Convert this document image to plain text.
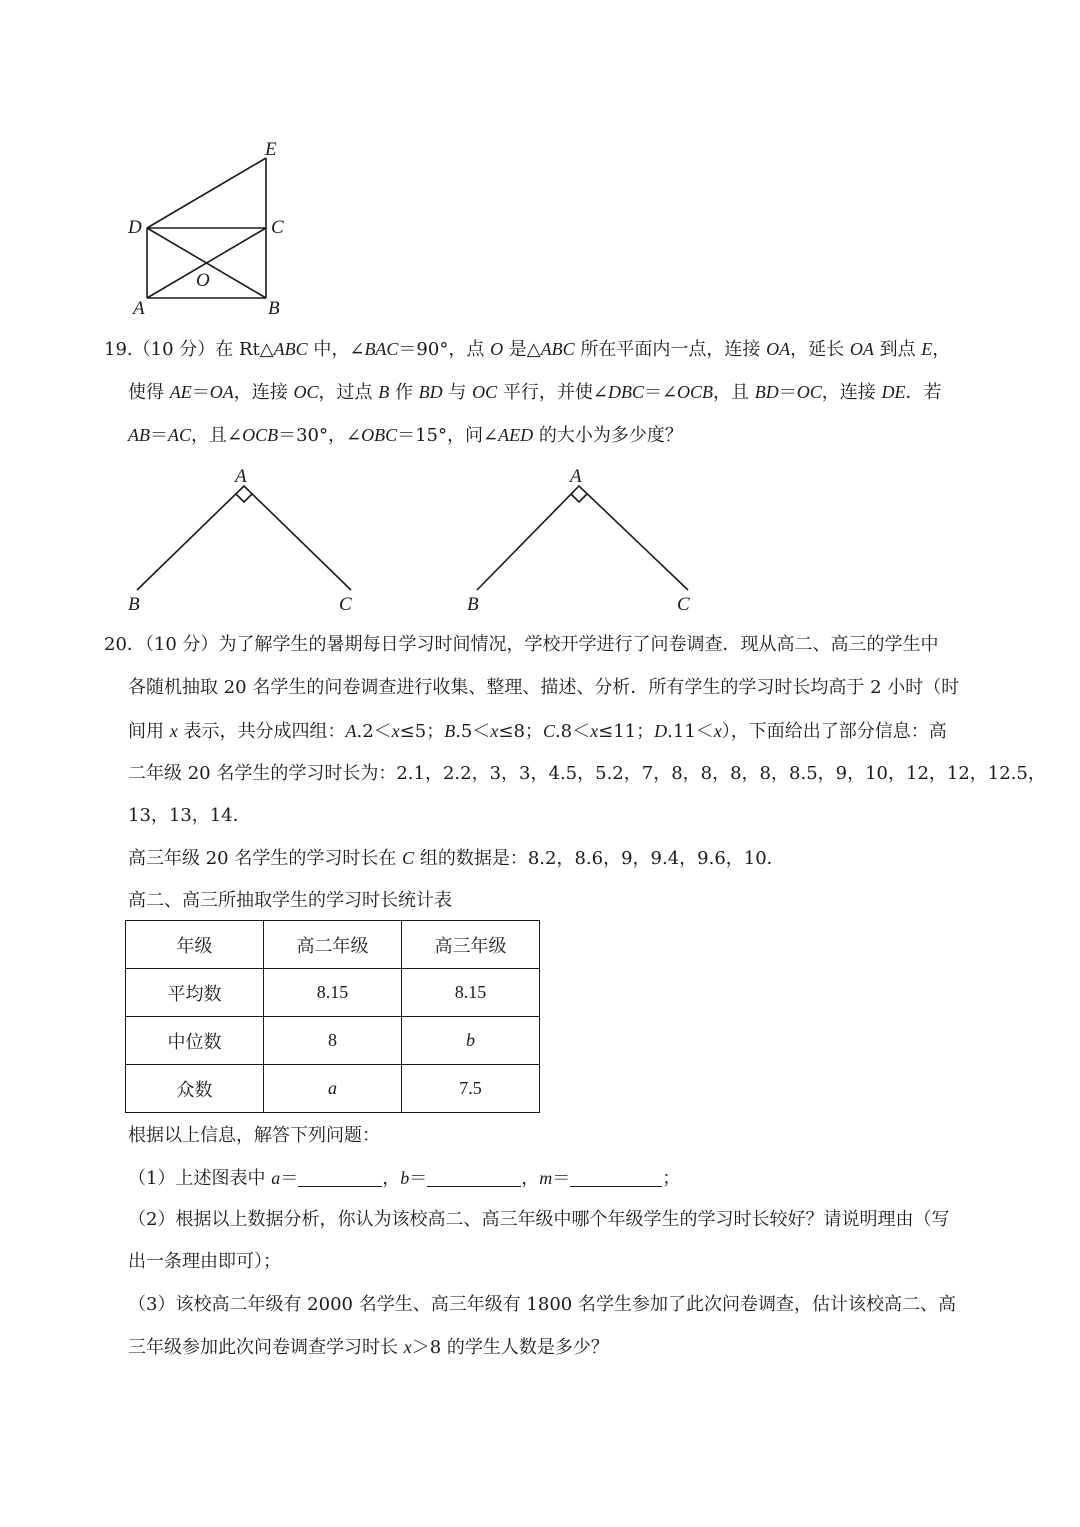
E
D	C
O
A	B
19.（10 分）在 Rt△ABC 中，∠BAC＝90°，点 O 是△ABC 所在平面内一点，连接 OA，延长 OA 到点 E，
使得 AE＝OA，连接 OC，过点 B 作 BD 与 OC 平行，并使∠DBC＝∠OCB，且 BD＝OC，连接 DE．若
AB＝AC，且∠OCB＝30°，∠OBC＝15°，问∠AED 的大小为多少度？
A
B	C
A
B	C
20．（10 分）为了解学生的暑期每日学习时间情况，学校开学进行了问卷调查．现从高二、高三的学生中
各随机抽取 20 名学生的问卷调查进行收集、整理、描述、分析．所有学生的学习时长均高于 2 小时（时
间用 x 表示，共分成四组：A.2＜x≤5；B.5＜x≤8；C.8＜x≤11；D.11＜x），下面给出了部分信息：高
二年级 20 名学生的学习时长为：2.1，2.2，3，3，4.5，5.2，7，8，8，8，8，8.5，9，10，12，12，12.5，
13，13，14．
高三年级 20 名学生的学习时长在 C 组的数据是：8.2，8.6，9，9.4，9.6，10．
高二、高三所抽取学生的学习时长统计表
年级	高二年级	高三年级
平均数	8.15	8.15
中位数	8	b
众数	a	7.5
根据以上信息，解答下列问题：
（1）上述图表中 a＝	，b＝	，m＝	；
（2）根据以上数据分析，你认为该校高二、高三年级中哪个年级学生的学习时长较好？请说明理由（写
出一条理由即可）；
（3）该校高二年级有 2000 名学生、高三年级有 1800 名学生参加了此次问卷调查，估计该校高二、高
三年级参加此次问卷调查学习时长 x＞8 的学生人数是多少？
